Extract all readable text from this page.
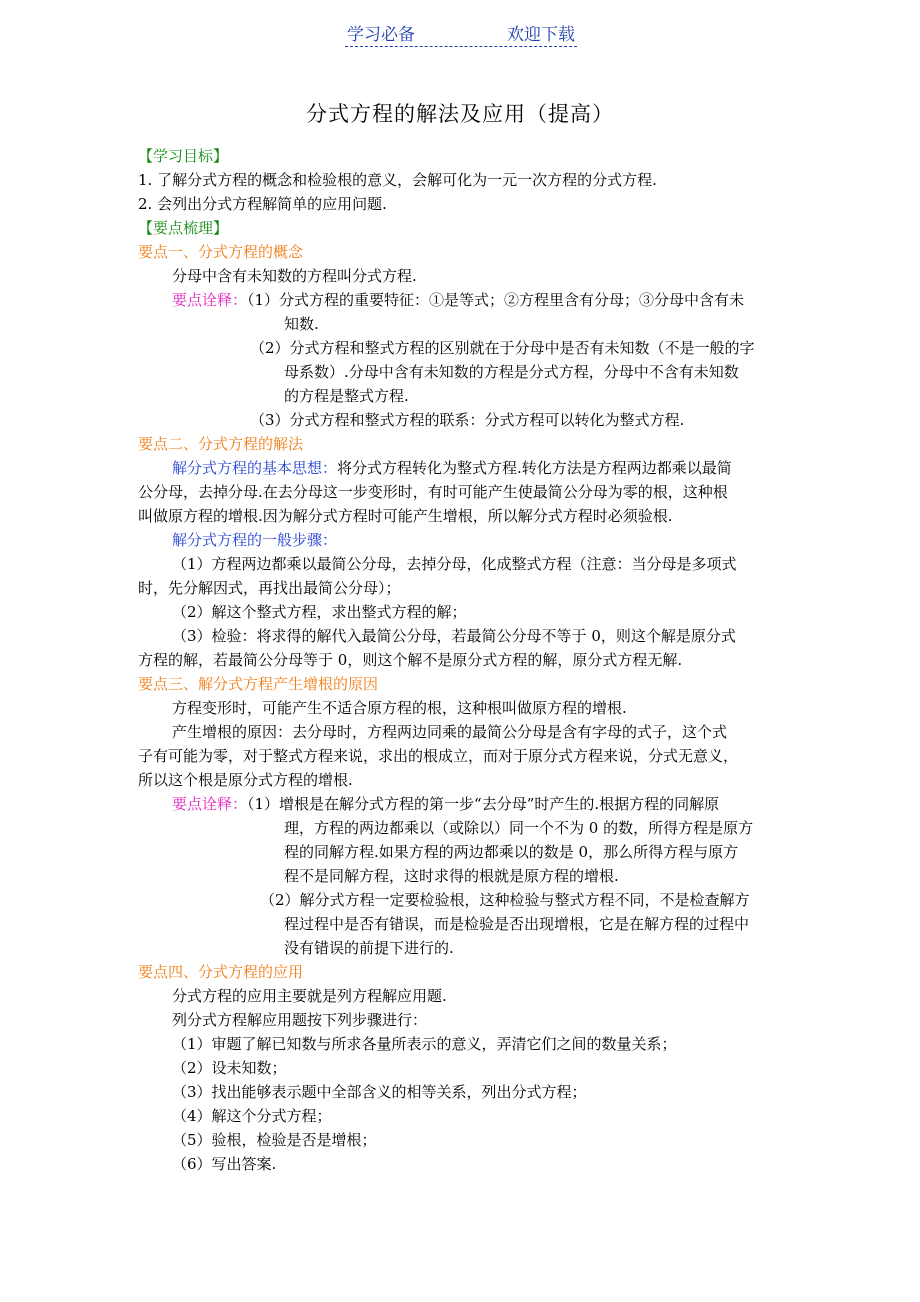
学习必备	欢迎下载
分式方程的解法及应用（提高）
【学习目标】
1. 了解分式方程的概念和检验根的意义，会解可化为一元一次方程的分式方程.
2. 会列出分式方程解简单的应用问题.
【要点梳理】
要点一、分式方程的概念
分母中含有未知数的方程叫分式方程.
要点诠释：（1）分式方程的重要特征：①是等式；②方程里含有分母；③分母中含有未
知数.
（2）分式方程和整式方程的区别就在于分母中是否有未知数（不是一般的字
母系数）.分母中含有未知数的方程是分式方程，分母中不含有未知数
的方程是整式方程.
（3）分式方程和整式方程的联系：分式方程可以转化为整式方程.
要点二、分式方程的解法
解分式方程的基本思想：将分式方程转化为整式方程.转化方法是方程两边都乘以最简
公分母，去掉分母.在去分母这一步变形时，有时可能产生使最简公分母为零的根，这种根
叫做原方程的增根.因为解分式方程时可能产生增根，所以解分式方程时必须验根.
解分式方程的一般步骤：
（1）方程两边都乘以最简公分母，去掉分母，化成整式方程（注意：当分母是多项式
时，先分解因式，再找出最简公分母）；
（2）解这个整式方程，求出整式方程的解；
（3）检验：将求得的解代入最简公分母，若最简公分母不等于 0，则这个解是原分式
方程的解，若最简公分母等于 0，则这个解不是原分式方程的解，原分式方程无解.
要点三、解分式方程产生增根的原因
方程变形时，可能产生不适合原方程的根，这种根叫做原方程的增根.
产生增根的原因：去分母时，方程两边同乘的最简公分母是含有字母的式子，这个式
子有可能为零，对于整式方程来说，求出的根成立，而对于原分式方程来说，分式无意义，
所以这个根是原分式方程的增根.
要点诠释：（1）增根是在解分式方程的第一步“去分母”时产生的.根据方程的同解原
理，方程的两边都乘以（或除以）同一个不为 0 的数，所得方程是原方
程的同解方程.如果方程的两边都乘以的数是 0，那么所得方程与原方
程不是同解方程，这时求得的根就是原方程的增根.
（2）解分式方程一定要检验根，这种检验与整式方程不同，不是检查解方
程过程中是否有错误，而是检验是否出现增根，它是在解方程的过程中
没有错误的前提下进行的.
要点四、分式方程的应用
分式方程的应用主要就是列方程解应用题.
列分式方程解应用题按下列步骤进行：
（1）审题了解已知数与所求各量所表示的意义，弄清它们之间的数量关系；
（2）设未知数；
（3）找出能够表示题中全部含义的相等关系，列出分式方程；
（4）解这个分式方程；
（5）验根，检验是否是增根；
（6）写出答案.
